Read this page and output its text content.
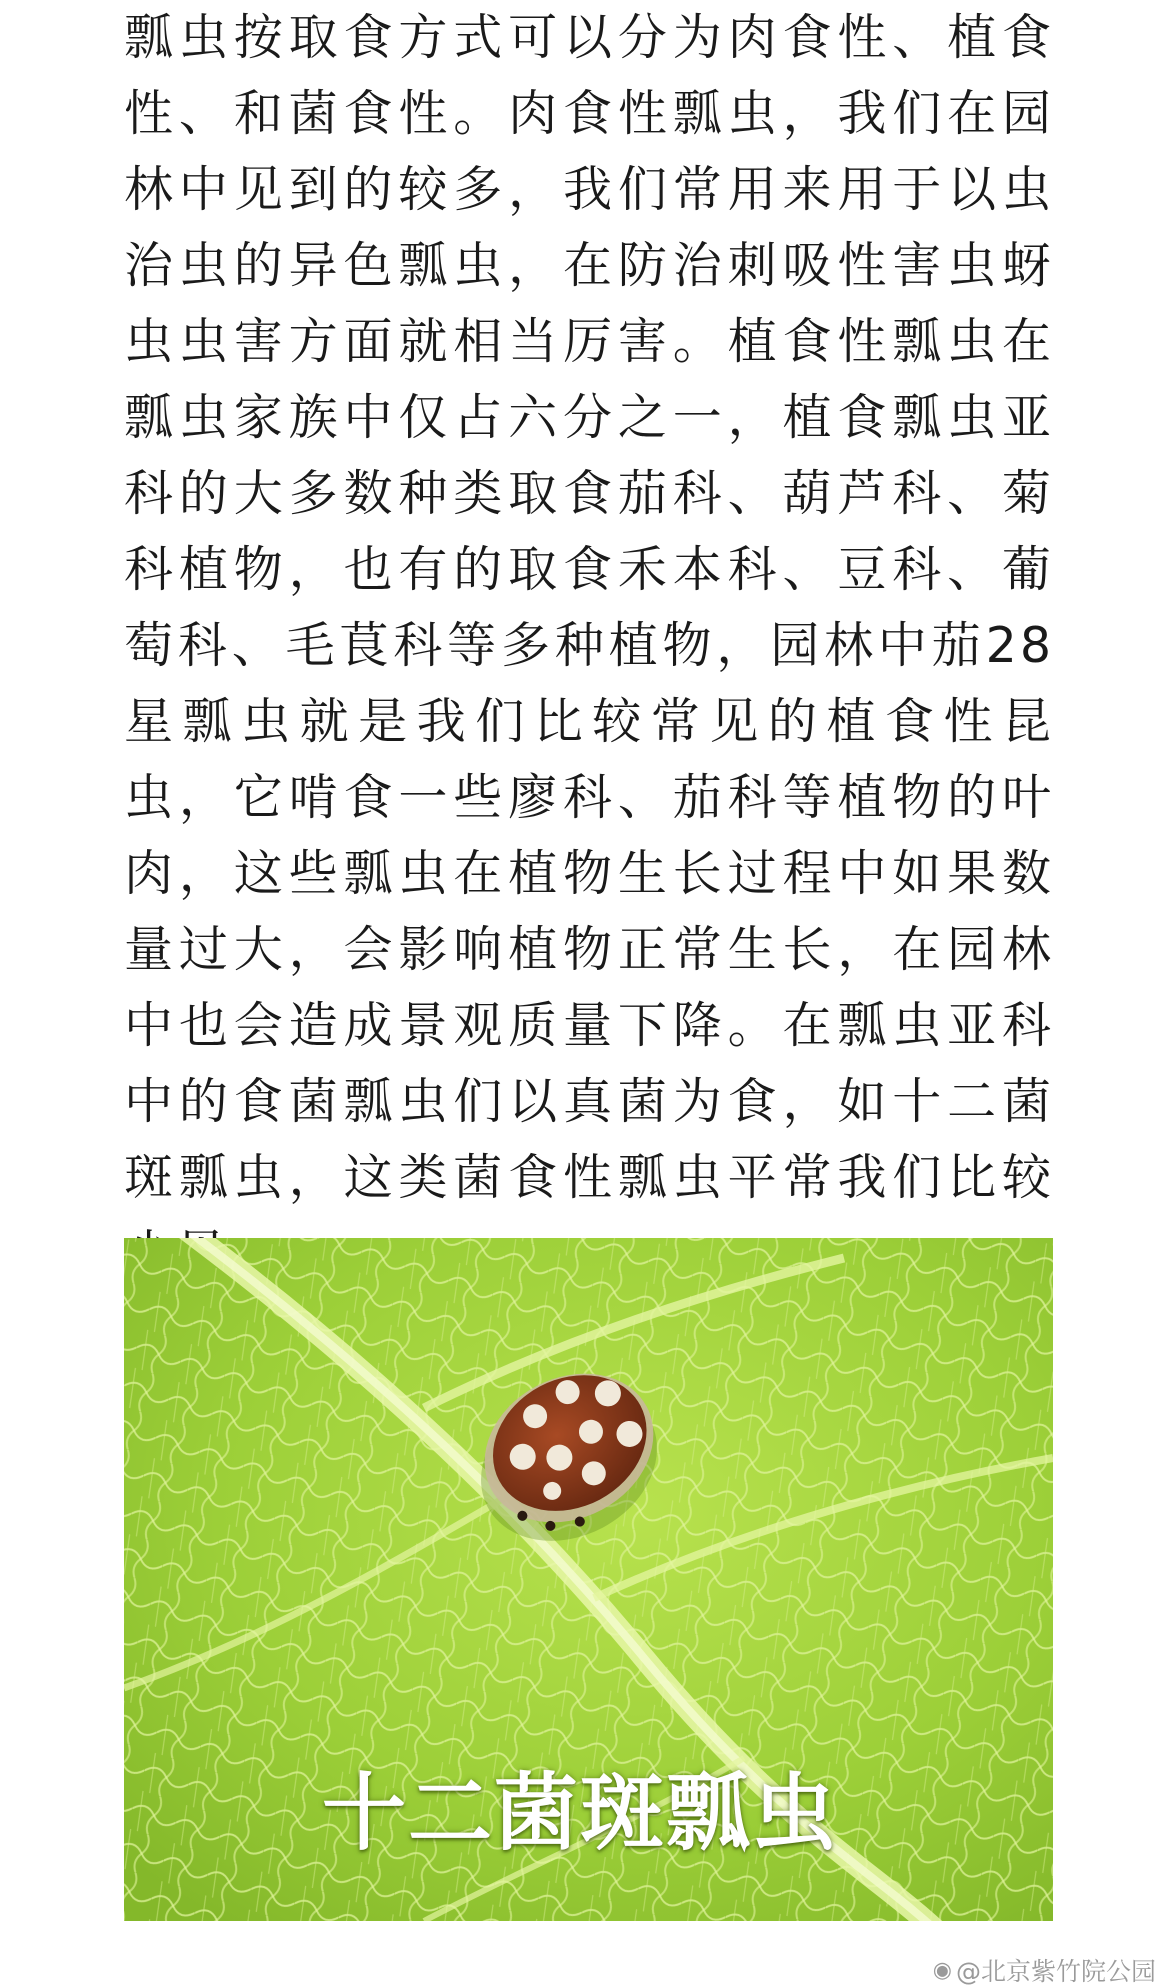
瓢虫按取食方式可以分为肉食性、植食性、和菌食性。肉食性瓢虫，我们在园林中见到的较多，我们常用来用于以虫治虫的异色瓢虫，在防治刺吸性害虫蚜虫虫害方面就相当厉害。植食性瓢虫在瓢虫家族中仅占六分之一，植食瓢虫亚科的大多数种类取食茄科、葫芦科、菊科植物，也有的取食禾本科、豆科、葡萄科、毛茛科等多种植物，园林中茄28星瓢虫就是我们比较常见的植食性昆虫，它啃食一些廖科、茄科等植物的叶肉，这些瓢虫在植物生长过程中如果数量过大，会影响植物正常生长，在园林中也会造成景观质量下降。在瓢虫亚科中的食菌瓢虫们以真菌为食，如十二菌斑瓢虫，这类菌食性瓢虫平常我们比较

十二菌斑瓢虫
◉ @北京紫竹院公园
